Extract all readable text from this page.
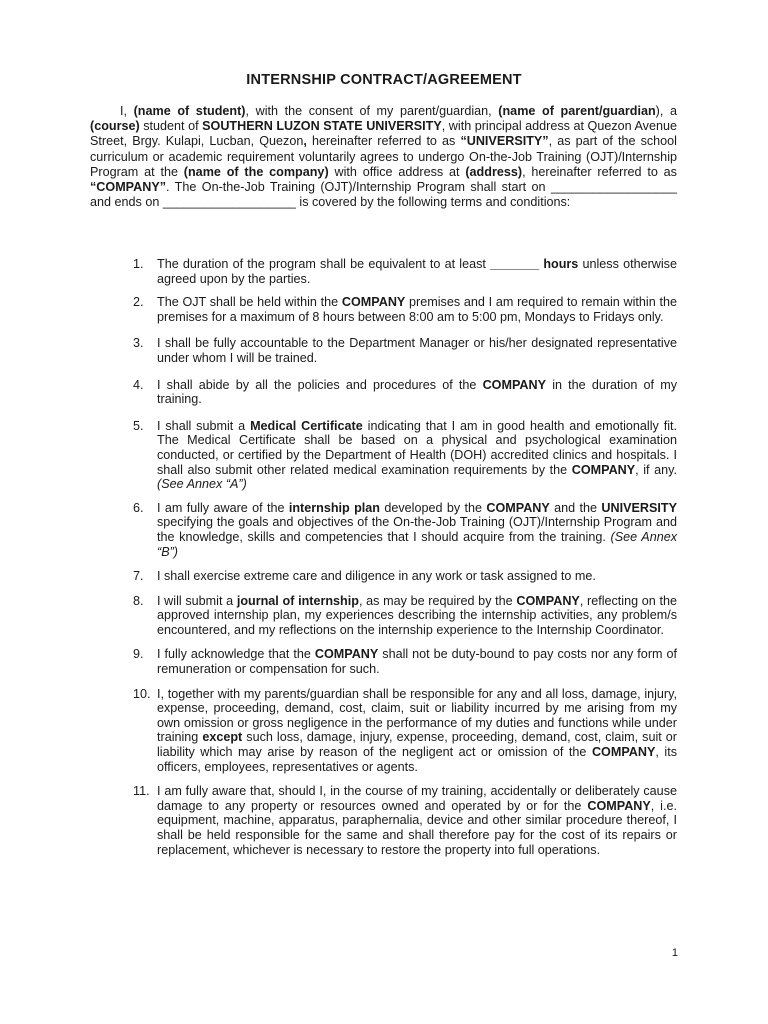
INTERNSHIP CONTRACT/AGREEMENT

I, (name of student), with the consent of my parent/guardian, (name of parent/guardian), a (course) student of SOUTHERN LUZON STATE UNIVERSITY, with principal address at Quezon Avenue Street, Brgy. Kulapi, Lucban, Quezon, hereinafter referred to as “UNIVERSITY”, as part of the school curriculum or academic requirement voluntarily agrees to undergo On-the-Job Training (OJT)/Internship Program at the (name of the company) with office address at (address), hereinafter referred to as “COMPANY”. The On-the-Job Training (OJT)/Internship Program shall start on __________________ and ends on ___________________ is covered by the following terms and conditions:

1. The duration of the program shall be equivalent to at least _______ hours unless otherwise agreed upon by the parties.
2. The OJT shall be held within the COMPANY premises and I am required to remain within the premises for a maximum of 8 hours between 8:00 am to 5:00 pm, Mondays to Fridays only.
3. I shall be fully accountable to the Department Manager or his/her designated representative under whom I will be trained.
4. I shall abide by all the policies and procedures of the COMPANY in the duration of my training.
5. I shall submit a Medical Certificate indicating that I am in good health and emotionally fit. The Medical Certificate shall be based on a physical and psychological examination conducted, or certified by the Department of Health (DOH) accredited clinics and hospitals. I shall also submit other related medical examination requirements by the COMPANY, if any. (See Annex “A”)
6. I am fully aware of the internship plan developed by the COMPANY and the UNIVERSITY specifying the goals and objectives of the On-the-Job Training (OJT)/Internship Program and the knowledge, skills and competencies that I should acquire from the training. (See Annex “B”)
7. I shall exercise extreme care and diligence in any work or task assigned to me.
8. I will submit a journal of internship, as may be required by the COMPANY, reflecting on the approved internship plan, my experiences describing the internship activities, any problem/s encountered, and my reflections on the internship experience to the Internship Coordinator.
9. I fully acknowledge that the COMPANY shall not be duty-bound to pay costs nor any form of remuneration or compensation for such.
10. I, together with my parents/guardian shall be responsible for any and all loss, damage, injury, expense, proceeding, demand, cost, claim, suit or liability incurred by me arising from my own omission or gross negligence in the performance of my duties and functions while under training except such loss, damage, injury, expense, proceeding, demand, cost, claim, suit or liability which may arise by reason of the negligent act or omission of the COMPANY, its officers, employees, representatives or agents.
11. I am fully aware that, should I, in the course of my training, accidentally or deliberately cause damage to any property or resources owned and operated by or for the COMPANY, i.e. equipment, machine, apparatus, paraphernalia, device and other similar procedure thereof, I shall be held responsible for the same and shall therefore pay for the cost of its repairs or replacement, whichever is necessary to restore the property into full operations.
1
